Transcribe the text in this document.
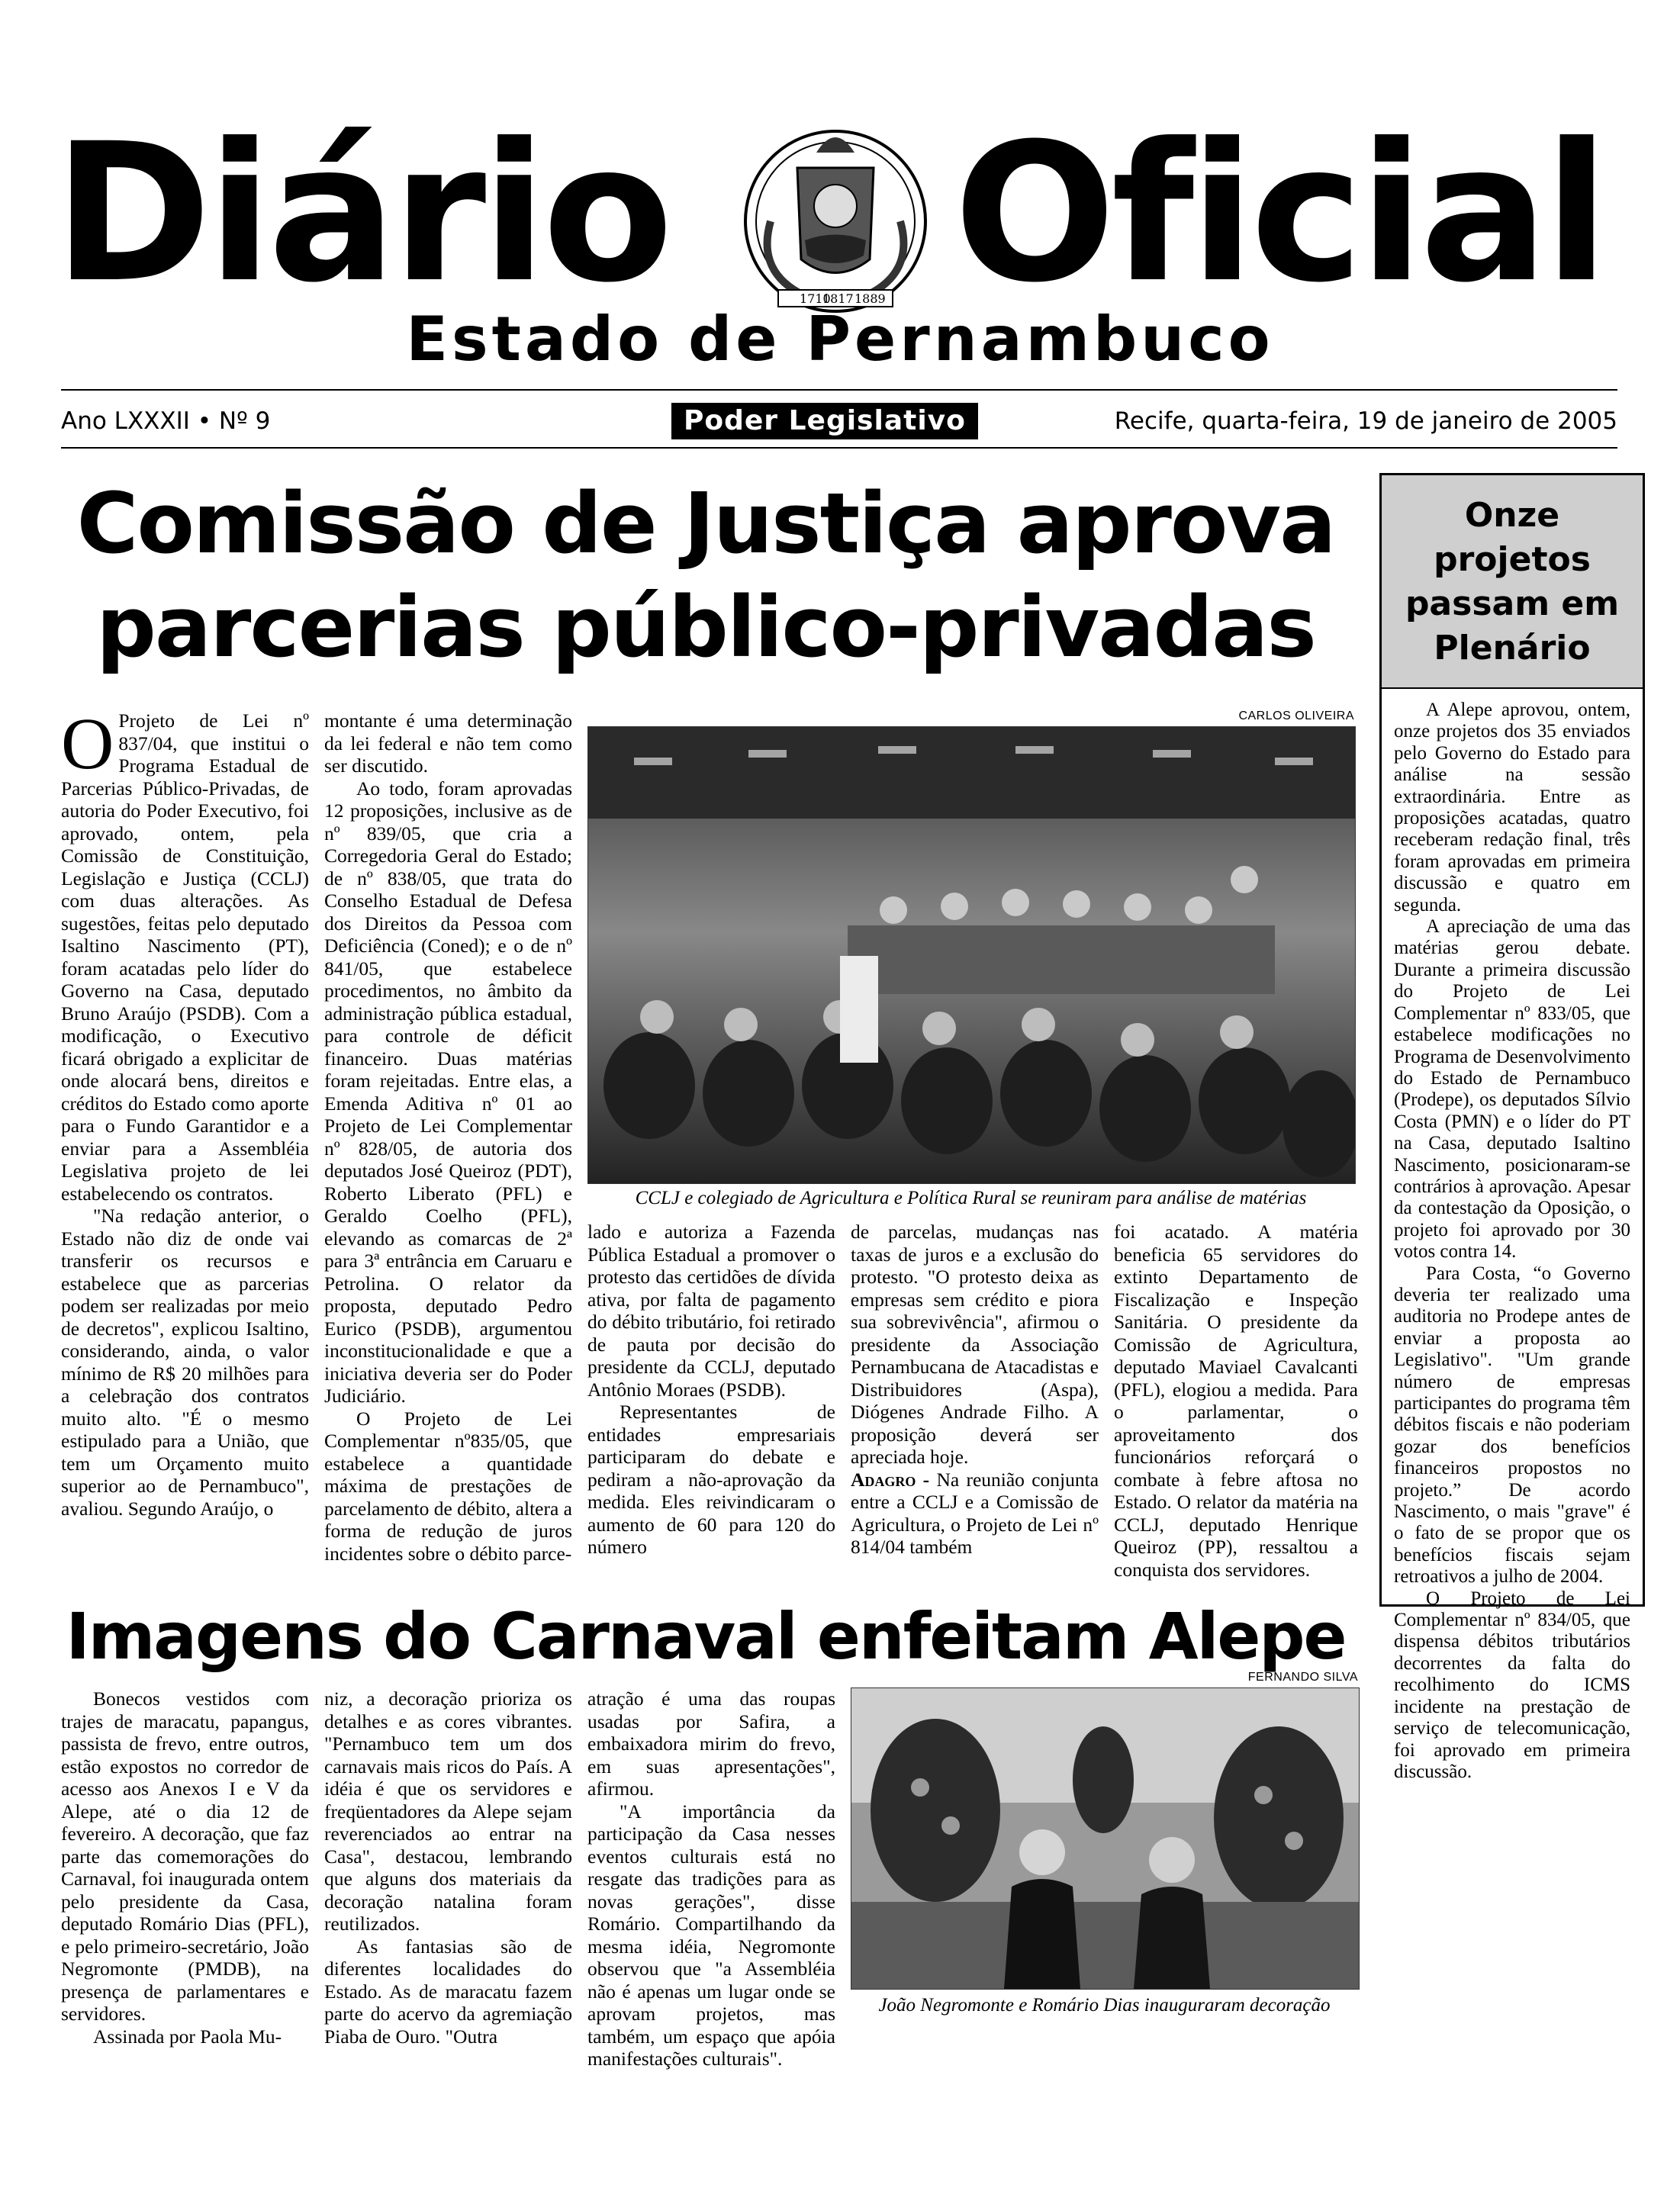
Diário	1710
1817 1889 Oficial
Estado de Pernambuco
Ano LXXXII • Nº 9	Poder Legislativo	Recife, quarta-feira, 19 de janeiro de 2005
Comissão de Justiça aprova
parcerias público-privadas
O Projeto de Lei nº 837/04, que institui o Programa Estadual de Parcerias Público-Privadas, de autoria do Poder Executivo, foi aprovado, ontem, pela Comissão de Constituição, Legislação e Justiça (CCLJ) com duas alterações. As sugestões, feitas pelo deputado Isaltino Nascimento (PT), foram acatadas pelo líder do Governo na Casa, deputado Bruno Araújo (PSDB). Com a modificação, o Executivo ficará obrigado a explicitar de onde alocará bens, direitos e créditos do Estado como aporte para o Fundo Garantidor e a enviar para a Assembléia Legislativa projeto de lei estabelecendo os contratos.

"Na redação anterior, o Estado não diz de onde vai transferir os recursos e estabelece que as parcerias podem ser realizadas por meio de decretos", explicou Isaltino, considerando, ainda, o valor mínimo de R$ 20 milhões para a celebração dos contratos muito alto. "É o mesmo estipulado para a União, que tem um Orçamento muito superior ao de Pernambuco", avaliou. Segundo Araújo, o

montante é uma determinação da lei federal e não tem como ser discutido.

Ao todo, foram aprovadas 12 proposições, inclusive as de nº 839/05, que cria a Corregedoria Geral do Estado; de nº 838/05, que trata do Conselho Estadual de Defesa dos Direitos da Pessoa com Deficiência (Coned); e o de nº 841/05, que estabelece procedimentos, no âmbito da administração pública estadual, para controle de déficit financeiro. Duas matérias foram rejeitadas. Entre elas, a Emenda Aditiva nº 01 ao Projeto de Lei Complementar nº 828/05, de autoria dos deputados José Queiroz (PDT), Roberto Liberato (PFL) e Geraldo Coelho (PFL), elevando as comarcas de 2ª para 3ª entrância em Caruaru e Petrolina. O relator da proposta, deputado Pedro Eurico (PSDB), argumentou inconstitucionalidade e que a iniciativa deveria ser do Poder Judiciário.

O Projeto de Lei Complementar nº835/05, que estabelece a quantidade máxima de prestações de parcelamento de débito, altera a forma de redução de juros incidentes sobre o débito parce-

CARLOS OLIVEIRA
CCLJ e colegiado de Agricultura e Política Rural se reuniram para análise de matérias

lado e autoriza a Fazenda Pública Estadual a promover o protesto das certidões de dívida ativa, por falta de pagamento do débito tributário, foi retirado de pauta por decisão do presidente da CCLJ, deputado Antônio Moraes (PSDB).

Representantes de entidades empresariais participaram do debate e pediram a não-aprovação da medida. Eles reivindicaram o aumento de 60 para 120 do número

de parcelas, mudanças nas taxas de juros e a exclusão do protesto. "O protesto deixa as empresas sem crédito e piora sua sobrevivência", afirmou o presidente da Associação Pernambucana de Atacadistas e Distribuidores (Aspa), Diógenes Andrade Filho. A proposição deverá ser apreciada hoje.

Adagro - Na reunião conjunta entre a CCLJ e a Comissão de Agricultura, o Projeto de Lei nº 814/04 também

foi acatado. A matéria beneficia 65 servidores do extinto Departamento de Fiscalização e Inspeção Sanitária. O presidente da Comissão de Agricultura, deputado Maviael Cavalcanti (PFL), elogiou a medida. Para o parlamentar, o aproveitamento dos funcionários reforçará o combate à febre aftosa no Estado. O relator da matéria na CCLJ, deputado Henrique Queiroz (PP), ressaltou a conquista dos servidores.

Imagens do Carnaval enfeitam Alepe

Bonecos vestidos com trajes de maracatu, papangus, passista de frevo, entre outros, estão expostos no corredor de acesso aos Anexos I e V da Alepe, até o dia 12 de fevereiro. A decoração, que faz parte das comemorações do Carnaval, foi inaugurada ontem pelo presidente da Casa, deputado Romário Dias (PFL), e pelo primeiro-secretário, João Negromonte (PMDB), na presença de parlamentares e servidores.

Assinada por Paola Mu-

niz, a decoração prioriza os detalhes e as cores vibrantes. "Pernambuco tem um dos carnavais mais ricos do País. A idéia é que os servidores e freqüentadores da Alepe sejam reverenciados ao entrar na Casa", destacou, lembrando que alguns dos materiais da decoração natalina foram reutilizados.

As fantasias são de diferentes localidades do Estado. As de maracatu fazem parte do acervo da agremiação Piaba de Ouro. "Outra

atração é uma das roupas usadas por Safira, a embaixadora mirim do frevo, em suas apresentações", afirmou.

"A importância da participação da Casa nesses eventos culturais está no resgate das tradições para as novas gerações", disse Romário. Compartilhando da mesma idéia, Negromonte observou que "a Assembléia não é apenas um lugar onde se aprovam projetos, mas também, um espaço que apóia manifestações culturais".

FERNANDO SILVA
João Negromonte e Romário Dias inauguraram decoração
Onze
projetos
passam em
Plenário

A Alepe aprovou, ontem, onze projetos dos 35 enviados pelo Governo do Estado para análise na sessão extraordinária. Entre as proposições acatadas, quatro receberam redação final, três foram aprovadas em primeira discussão e quatro em segunda.

A apreciação de uma das matérias gerou debate. Durante a primeira discussão do Projeto de Lei Complementar nº 833/05, que estabelece modificações no Programa de Desenvolvimento do Estado de Pernambuco (Prodepe), os deputados Sílvio Costa (PMN) e o líder do PT na Casa, deputado Isaltino Nascimento, posicionaram-se contrários à aprovação. Apesar da contestação da Oposição, o projeto foi aprovado por 30 votos contra 14.

Para Costa, “o Governo deveria ter realizado uma auditoria no Prodepe antes de enviar a proposta ao Legislativo". "Um grande número de empresas participantes do programa têm débitos fiscais e não poderiam gozar dos benefícios financeiros propostos no projeto.” De acordo Nascimento, o mais "grave" é o fato de se propor que os benefícios fiscais sejam retroativos a julho de 2004.

O Projeto de Lei Complementar nº 834/05, que dispensa débitos tributários decorrentes da falta do recolhimento do ICMS incidente na prestação de serviço de telecomunicação, foi aprovado em primeira discussão.
